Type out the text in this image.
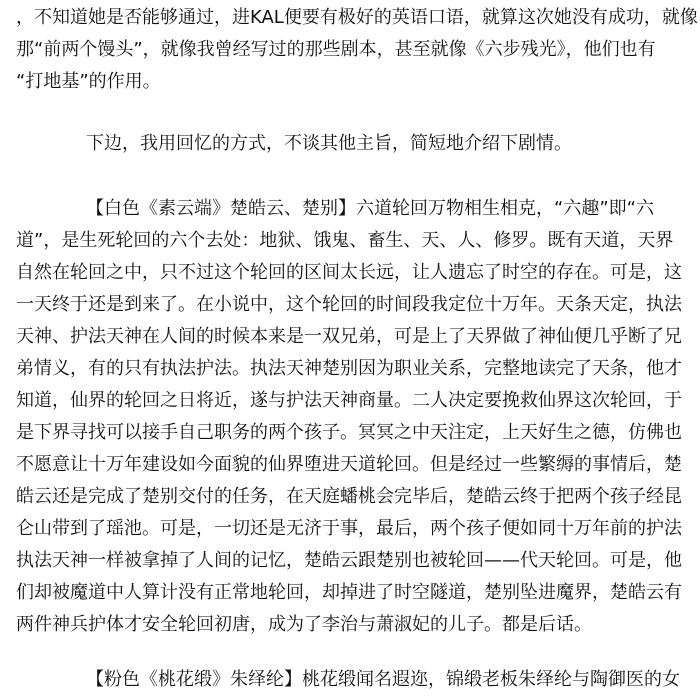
，不知道她是否能够通过，进KAL便要有极好的英语口语，就算这次她没有成功，就像
那“前两个馒头”，就像我曾经写过的那些剧本，甚至就像《六步残光》，他们也有
“打地基”的作用。
下边，我用回忆的方式，不谈其他主旨，简短地介绍下剧情。
【白色《素云端》楚皓云、楚别】六道轮回万物相生相克，“六趣”即“六
道”，是生死轮回的六个去处：地狱、饿鬼、畜生、天、人、修罗。既有天道，天界
自然在轮回之中，只不过这个轮回的区间太长远，让人遗忘了时空的存在。可是，这
一天终于还是到来了。在小说中，这个轮回的时间段我定位十万年。天条天定，执法
天神、护法天神在人间的时候本来是一双兄弟，可是上了天界做了神仙便几乎断了兄
弟情义，有的只有执法护法。执法天神楚别因为职业关系，完整地读完了天条，他才
知道，仙界的轮回之日将近，遂与护法天神商量。二人决定要挽救仙界这次轮回，于
是下界寻找可以接手自己职务的两个孩子。冥冥之中天注定，上天好生之德，仿佛也
不愿意让十万年建设如今面貌的仙界堕进天道轮回。但是经过一些繁缛的事情后，楚
皓云还是完成了楚别交付的任务，在天庭蟠桃会完毕后，楚皓云终于把两个孩子经昆
仑山带到了瑶池。可是，一切还是无济于事，最后，两个孩子便如同十万年前的护法
执法天神一样被拿掉了人间的记忆，楚皓云跟楚别也被轮回——代天轮回。可是，他
们却被魔道中人算计没有正常地轮回，却掉进了时空隧道，楚别坠进魔界，楚皓云有
两件神兵护体才安全轮回初唐，成为了李治与萧淑妃的儿子。都是后话。
【粉色《桃花缎》朱绎纶】桃花缎闻名遐迩，锦缎老板朱绎纶与陶御医的女
